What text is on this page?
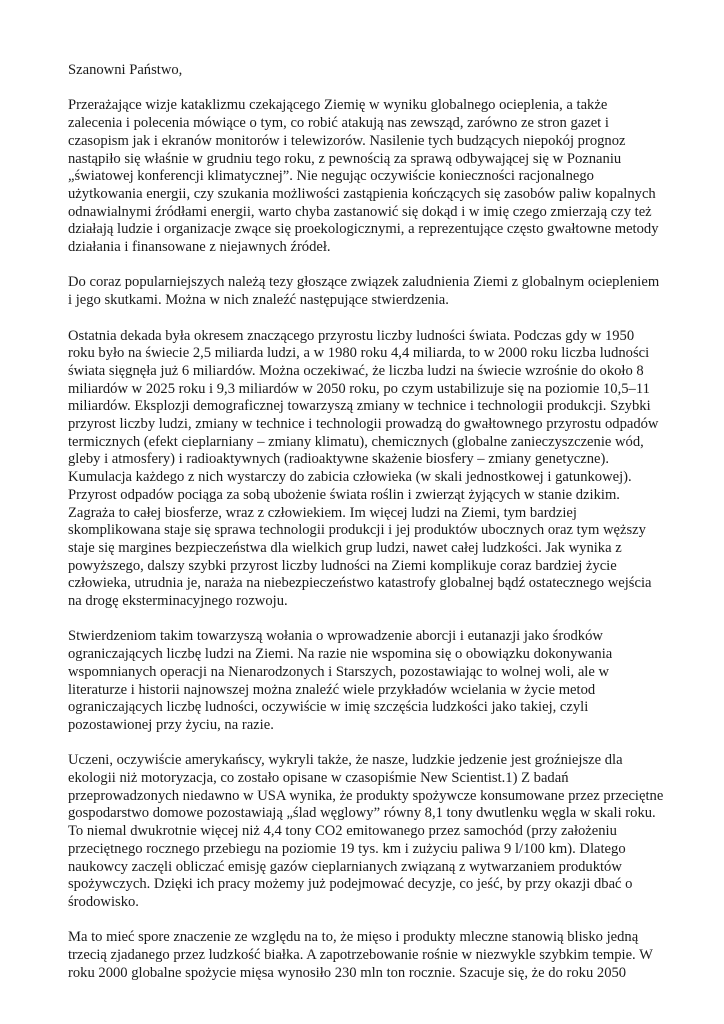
Szanowni Państwo,

Przerażające wizje kataklizmu czekającego Ziemię w wyniku globalnego ocieplenia, a także zalecenia i polecenia mówiące o tym, co robić atakują nas zewsząd, zarówno ze stron gazet i czasopism jak i ekranów monitorów i telewizorów. Nasilenie tych budzących niepokój prognoz nastąpiło się właśnie w grudniu tego roku, z pewnością za sprawą odbywającej się w Poznaniu „światowej konferencji klimatycznej”. Nie negując oczywiście konieczności racjonalnego użytkowania energii, czy szukania możliwości zastąpienia kończących się zasobów paliw kopalnych odnawialnymi źródłami energii, warto chyba zastanowić się dokąd i w imię czego zmierzają czy też działają ludzie i organizacje zwące się proekologicznymi, a reprezentujące często gwałtowne metody działania i finansowane z niejawnych źródeł.

Do coraz popularniejszych należą tezy głoszące związek zaludnienia Ziemi z globalnym ociepleniem i jego skutkami. Można w nich znaleźć następujące stwierdzenia.

Ostatnia dekada była okresem znaczącego przyrostu liczby ludności świata. Podczas gdy w 1950 roku było na świecie 2,5 miliarda ludzi, a w 1980 roku 4,4 miliarda, to w 2000 roku liczba ludności świata sięgnęła już 6 miliardów. Można oczekiwać, że liczba ludzi na świecie wzrośnie do około 8 miliardów w 2025 roku i 9,3 miliardów w 2050 roku, po czym ustabilizuje się na poziomie 10,5–11 miliardów. Eksplozji demograficznej towarzyszą zmiany w technice i technologii produkcji. Szybki przyrost liczby ludzi, zmiany w technice i technologii prowadzą do gwałtownego przyrostu odpadów termicznych (efekt cieplarniany – zmiany klimatu), chemicznych (globalne zanieczyszczenie wód, gleby i atmosfery) i radioaktywnych (radioaktywne skażenie biosfery – zmiany genetyczne). Kumulacja każdego z nich wystarczy do zabicia człowieka (w skali jednostkowej i gatunkowej). Przyrost odpadów pociąga za sobą ubożenie świata roślin i zwierząt żyjących w stanie dzikim. Zagraża to całej biosferze, wraz z człowiekiem. Im więcej ludzi na Ziemi, tym bardziej skomplikowana staje się sprawa technologii produkcji i jej produktów ubocznych oraz tym węższy staje się margines bezpieczeństwa dla wielkich grup ludzi, nawet całej ludzkości. Jak wynika z powyższego, dalszy szybki przyrost liczby ludności na Ziemi komplikuje coraz bardziej życie człowieka, utrudnia je, naraża na niebezpieczeństwo katastrofy globalnej bądź ostatecznego wejścia na drogę eksterminacyjnego rozwoju.

Stwierdzeniom takim towarzyszą wołania o wprowadzenie aborcji i eutanazji jako środków ograniczających liczbę ludzi na Ziemi. Na razie nie wspomina się o obowiązku dokonywania wspomnianych operacji na Nienarodzonych i Starszych, pozostawiając to wolnej woli, ale w literaturze i historii najnowszej można znaleźć wiele przykładów wcielania w życie metod ograniczających liczbę ludności, oczywiście w imię szczęścia ludzkości jako takiej, czyli pozostawionej przy życiu, na razie.

Uczeni, oczywiście amerykańscy, wykryli także, że nasze, ludzkie jedzenie jest groźniejsze dla ekologii niż motoryzacja, co zostało opisane w czasopiśmie New Scientist.1) Z badań przeprowadzonych niedawno w USA wynika, że produkty spożywcze konsumowane przez przeciętne gospodarstwo domowe pozostawiają „ślad węglowy” równy 8,1 tony dwutlenku węgla w skali roku. To niemal dwukrotnie więcej niż 4,4 tony CO2 emitowanego przez samochód (przy założeniu przeciętnego rocznego przebiegu na poziomie 19 tys. km i zużyciu paliwa 9 l/100 km). Dlatego naukowcy zaczęli obliczać emisję gazów cieplarnianych związaną z wytwarzaniem produktów spożywczych. Dzięki ich pracy możemy już podejmować decyzje, co jeść, by przy okazji dbać o środowisko.

Ma to mieć spore znaczenie ze względu na to, że mięso i produkty mleczne stanowią blisko jedną trzecią zjadanego przez ludzkość białka. A zapotrzebowanie rośnie w niezwykle szybkim tempie. W roku 2000 globalne spożycie mięsa wynosiło 230 mln ton rocznie. Szacuje się, że do roku 2050
